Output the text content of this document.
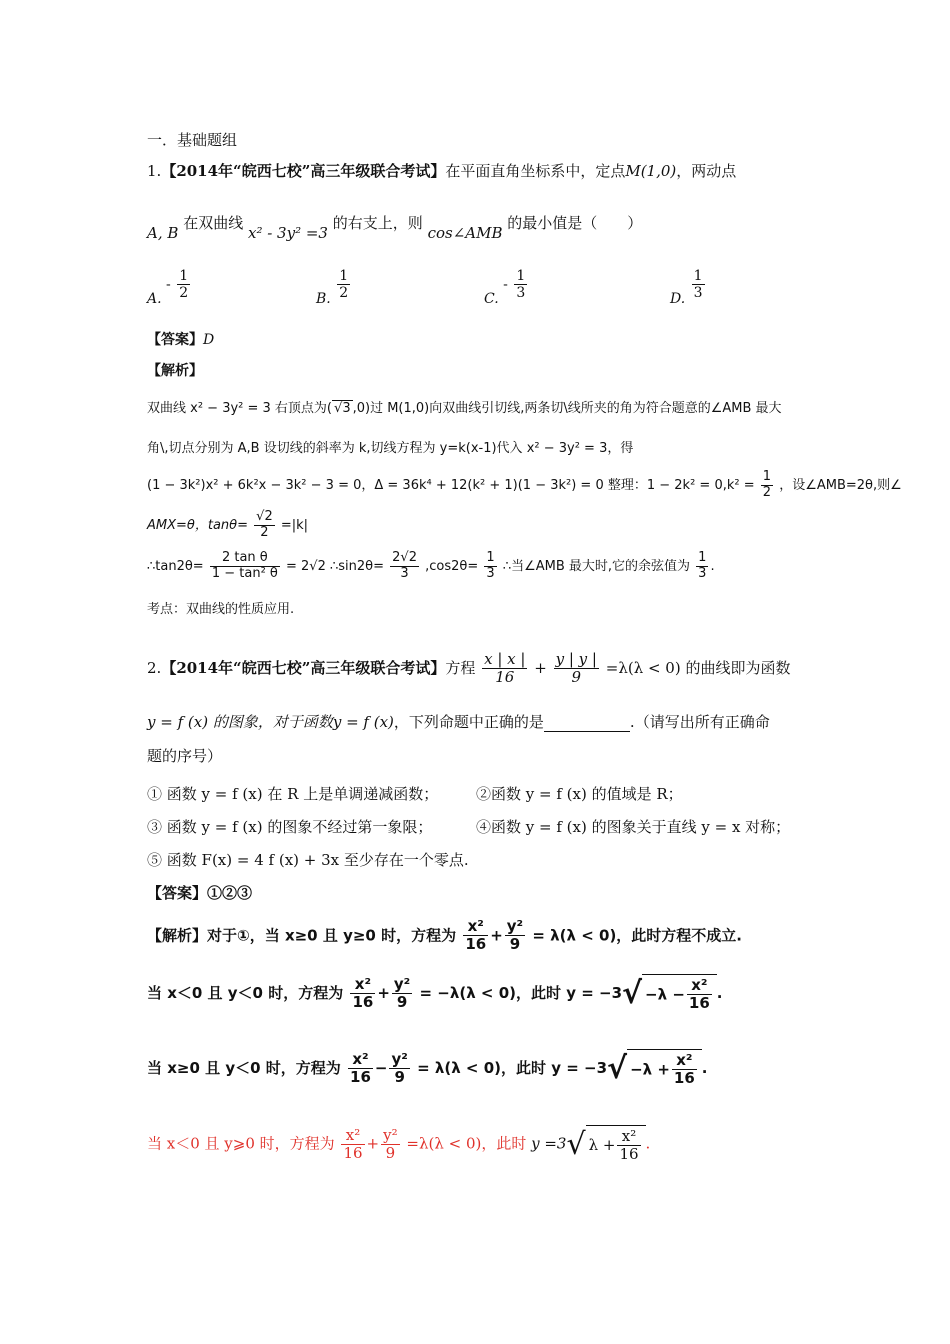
一．基础题组
1.【2014年“皖西七校”高三年级联合考试】在平面直角坐标系中，定点M(1,0)，两动点
A, B 在双曲线 x² - 3y² =3 的右支上，则 cos∠AMB 的最小值是（　　）
A. - $\frac{1}{2}$	B. $\frac{1}{2}$	C. - $\frac{1}{3}$	D. $\frac{1}{3}$
【答案】D
【解析】
双曲线 x² − 3y² = 3 右顶点为(√ 3 ,0)过 M(1,0)向双曲线引切线,两条切\线所夹的角为符合题意的∠AMB 最大
角\,切点分别为 A,B 设切线的斜率为 k,切线方程为 y=k(x-1)代入 x² − 3y² = 3，得
(1 − 3k²)x² + 6k²x − 3k² − 3 = 0，Δ = 36k⁴ + 12(k² + 1)(1 − 3k²) = 0 整理：$1 - 2k^2 = 0,k^2 = \frac{1}{2}$ ，设∠AMB=2θ,则∠
AMX=θ，$\tan\theta= \frac{√2}{2} =|k|$
∴tan2θ= $\frac{\text{2 tan θ}}{\text{1 − tan² θ}} = 2√2$ ∴sin2θ= $\frac{2√2}{3} ,\cos 2\theta= \frac{1}{3}$ ∴当∠AMB 最大时,它的余弦值为 $\frac{1}{3}$ .
考点：双曲线的性质应用.
2.【2014年“皖西七校”高三年级联合考试】方程 $\frac{x | x |}{16} + \frac{y | y |}{9} =\lambda(\lambda < 0)$ 的曲线即为函数
y = f (x) 的图象，对于函数y = f (x)，下列命题中正确的是	.（请写出所有正确命
题的序号）
① 函数 y = f (x) 在 R 上是单调递减函数；	②函数 y = f (x) 的值域是 R；
③ 函数 y = f (x) 的图象不经过第一象限；	④函数 y = f (x) 的图象关于直线 y = x 对称；
⑤ 函数 F(x) = 4 f (x) + 3x 至少存在一个零点.
【答案】①②③
【解析】对于①，当 x≥0 且 y≥0 时，方程为 $\frac{\text{x²}}{16} + \frac{\text{y²}}{9} = \lambda(\lambda < 0)$，此时方程不成立.
当 x＜0 且 y＜0 时，方程为 $\frac{\text{x²}}{16} + \frac{\text{y²}}{9} = -\lambda(\lambda < 0)$，此时 $y = -3√ -\lambda - \frac{\text{x²}}{16}$ .
当 x≥0 且 y＜0 时，方程为 $\frac{\text{x²}}{16} - \frac{\text{y²}}{9} = \lambda(\lambda < 0)$，此时 $y = -3√ -\lambda + \frac{\text{x²}}{16}$ .
当 x＜0 且 y⩾0 时，方程为 $\frac{\text{x²}}{16} + \frac{\text{y²}}{9} =\lambda(\lambda < 0)$，此时 y =3√ $\lambda + \frac{\text{x²}}{16}$ .
